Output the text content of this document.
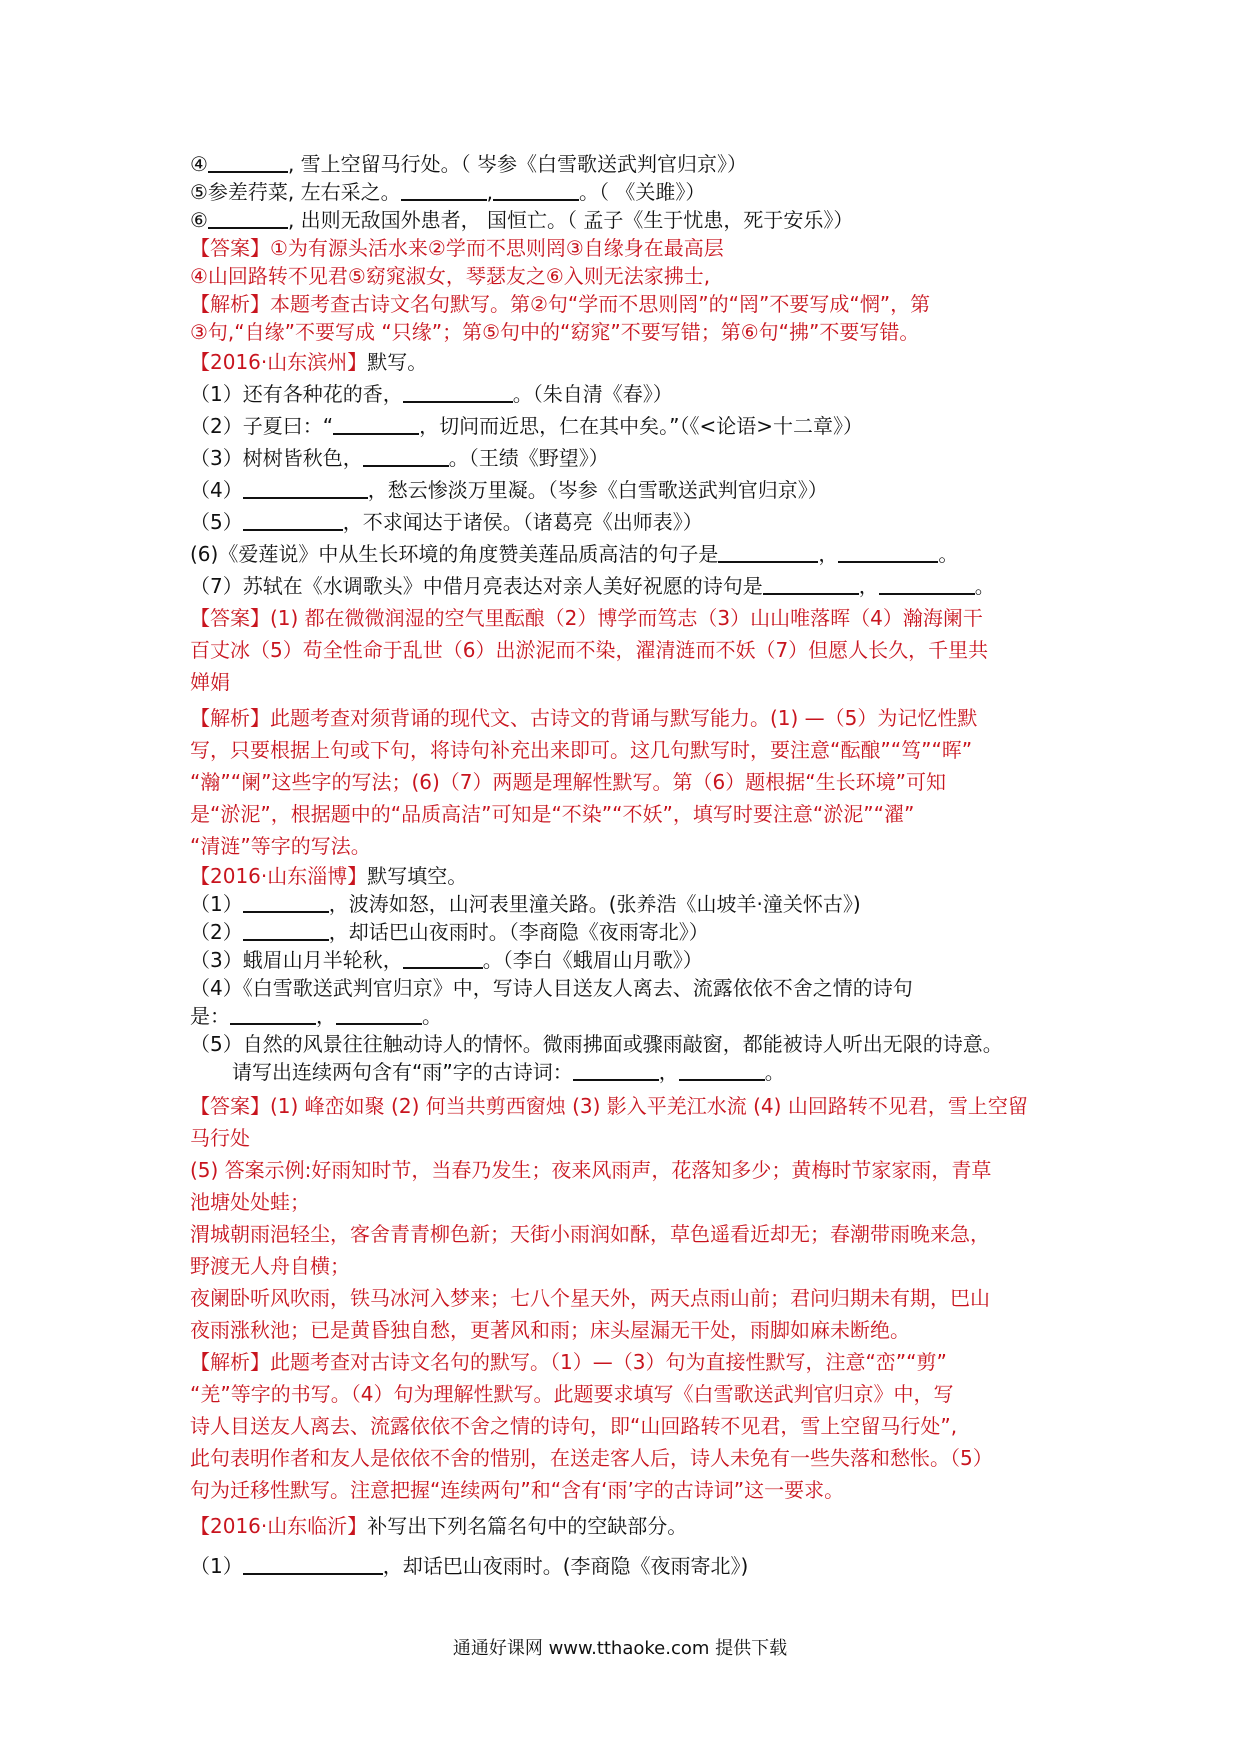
④	, 雪上空留马行处。（ 岑参《白雪歌送武判官归京》）
⑤参差荇菜, 左右采之。	,	。（ 《关雎》）
⑥	, 出则无敌国外患者， 国恒亡。（ 孟子《生于忧患，死于安乐》）
【答案】①为有源头活水来②学而不思则罔③自缘身在最高层
④山回路转不见君⑤窈窕淑女，琴瑟友之⑥入则无法家拂士,
【解析】本题考查古诗文名句默写。第②句“学而不思则罔”的“罔”不要写成“惘”，第
③句,“自缘”不要写成 “只缘”；第⑤句中的“窈窕”不要写错；第⑥句“拂”不要写错。
【2016·山东滨州】默写。
（1）还有各种花的香，	。（朱自清《春》）
（2）子夏曰：“	，切问而近思，仁在其中矣。”（《<论语>十二章》）
（3）树树皆秋色，	。（王绩《野望》）
（4）	，愁云惨淡万里凝。（岑参《白雪歌送武判官归京》）
（5）	，不求闻达于诸侯。（诸葛亮《出师表》）
(6)《爱莲说》中从生长环境的角度赞美莲品质高洁的句子是	，	。
（7）苏轼在《水调歌头》中借月亮表达对亲人美好祝愿的诗句是	，	。
【答案】(1) 都在微微润湿的空气里酝酿（2）博学而笃志（3）山山唯落晖（4）瀚海阑干
百丈冰（5）苟全性命于乱世（6）出淤泥而不染，濯清涟而不妖（7）但愿人长久，千里共
婵娟
【解析】此题考查对须背诵的现代文、古诗文的背诵与默写能力。(1) —（5）为记忆性默
写，只要根据上句或下句，将诗句补充出来即可。这几句默写时，要注意“酝酿”“笃”“晖”
“瀚”“阑”这些字的写法；(6)（7）两题是理解性默写。第（6）题根据“生长环境”可知
是“淤泥”，根据题中的“品质高洁”可知是“不染”“不妖”，填写时要注意“淤泥”“濯”
“清涟”等字的写法。
【2016·山东淄博】默写填空。
（1）	，波涛如怒，山河表里潼关路。(张养浩《山坡羊·潼关怀古》)
（2）	，却话巴山夜雨时。（李商隐《夜雨寄北》）
（3）蛾眉山月半轮秋，	。（李白《蛾眉山月歌》）
（4）《白雪歌送武判官归京》中，写诗人目送友人离去、流露依依不舍之情的诗句
是：	，	。
（5）自然的风景往往触动诗人的情怀。微雨拂面或骤雨敲窗，都能被诗人听出无限的诗意。
请写出连续两句含有“雨”字的古诗词：	，	。
【答案】(1) 峰峦如聚 (2) 何当共剪西窗烛 (3) 影入平羌江水流 (4) 山回路转不见君，雪上空留
马行处
(5) 答案示例:好雨知时节，当春乃发生；夜来风雨声，花落知多少；黄梅时节家家雨，青草
池塘处处蛙；
渭城朝雨浥轻尘，客舍青青柳色新；天街小雨润如酥，草色遥看近却无；春潮带雨晚来急，
野渡无人舟自横；
夜阑卧听风吹雨，铁马冰河入梦来；七八个星天外，两天点雨山前；君问归期未有期，巴山
夜雨涨秋池；已是黄昏独自愁，更著风和雨；床头屋漏无干处，雨脚如麻未断绝。
【解析】此题考查对古诗文名句的默写。（1）—（3）句为直接性默写，注意“峦”“剪”
“羌”等字的书写。（4）句为理解性默写。此题要求填写《白雪歌送武判官归京》中，写
诗人目送友人离去、流露依依不舍之情的诗句，即“山回路转不见君，雪上空留马行处”,
此句表明作者和友人是依依不舍的惜别，在送走客人后，诗人未免有一些失落和愁怅。（5）
句为迁移性默写。注意把握“连续两句”和“含有‘雨’字的古诗词”这一要求。
【2016·山东临沂】补写出下列名篇名句中的空缺部分。
（1）	，却话巴山夜雨时。(李商隐《夜雨寄北》)
通通好课网 www.tthaoke.com 提供下载
